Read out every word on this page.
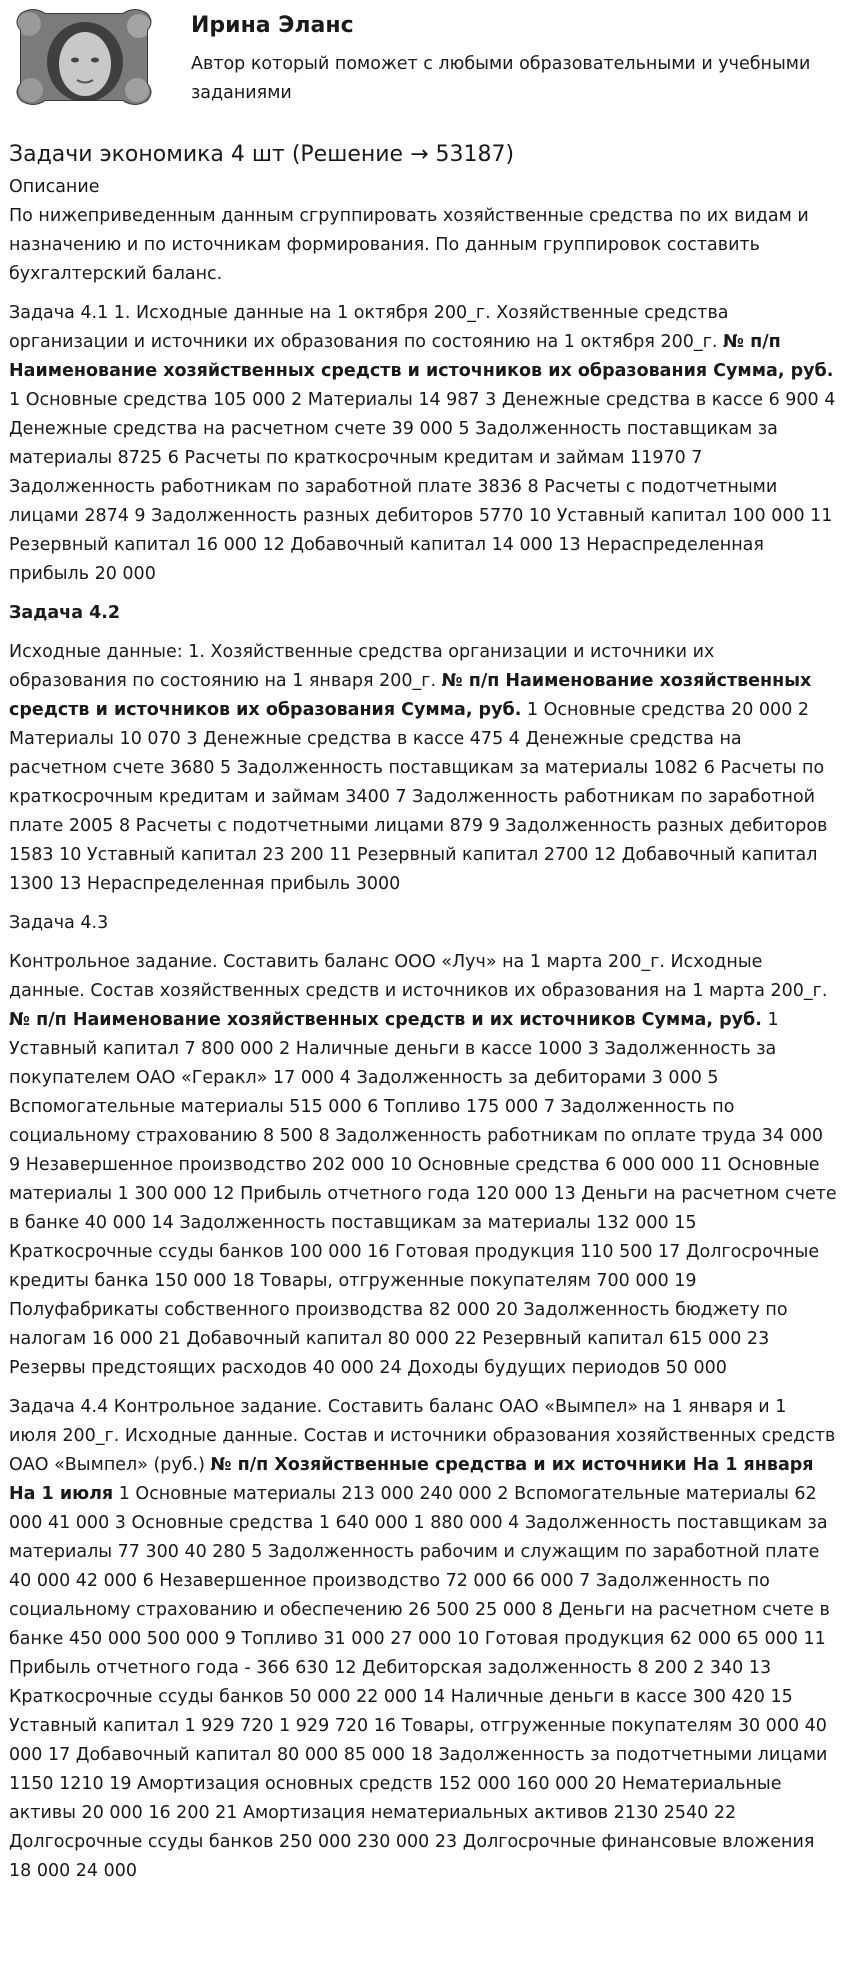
Ирина Эланс
Автор который поможет с любыми образовательными и учебными заданиями
Задачи экономика 4 шт (Решение → 53187)
Описание

По нижеприведенным данным сгруппировать хозяйственные средства по их видам и назначению и по источникам формирования. По данным группировок составить бухгалтерский баланс.

Задача 4.1 1. Исходные данные на 1 октября 200_г. Хозяйственные средства организации и источники их образования по состоянию на 1 октября 200_г. № п/п Наименование хозяйственных средств и источников их образования Сумма, руб. 1 Основные средства 105 000 2 Материалы 14 987 3 Денежные средства в кассе 6 900 4 Денежные средства на расчетном счете 39 000 5 Задолженность поставщикам за материалы 8725 6 Расчеты по краткосрочным кредитам и займам 11970 7 Задолженность работникам по заработной плате 3836 8 Расчеты с подотчетными лицами 2874 9 Задолженность разных дебиторов 5770 10 Уставный капитал 100 000 11 Резервный капитал 16 000 12 Добавочный капитал 14 000 13 Нераспределенная прибыль 20 000

Задача 4.2

Исходные данные: 1. Хозяйственные средства организации и источники их образования по состоянию на 1 января 200_г. № п/п Наименование хозяйственных средств и источников их образования Сумма, руб. 1 Основные средства 20 000 2 Материалы 10 070 3 Денежные средства в кассе 475 4 Денежные средства на расчетном счете 3680 5 Задолженность поставщикам за материалы 1082 6 Расчеты по краткосрочным кредитам и займам 3400 7 Задолженность работникам по заработной плате 2005 8 Расчеты с подотчетными лицами 879 9 Задолженность разных дебиторов 1583 10 Уставный капитал 23 200 11 Резервный капитал 2700 12 Добавочный капитал 1300 13 Нераспределенная прибыль 3000

Задача 4.3

Контрольное задание. Составить баланс ООО «Луч» на 1 марта 200_г. Исходные данные. Состав хозяйственных средств и источников их образования на 1 марта 200_г. № п/п Наименование хозяйственных средств и их источников Сумма, руб. 1 Уставный капитал 7 800 000 2 Наличные деньги в кассе 1000 3 Задолженность за покупателем ОАО «Геракл» 17 000 4 Задолженность за дебиторами 3 000 5 Вспомогательные материалы 515 000 6 Топливо 175 000 7 Задолженность по социальному страхованию 8 500 8 Задолженность работникам по оплате труда 34 000 9 Незавершенное производство 202 000 10 Основные средства 6 000 000 11 Основные материалы 1 300 000 12 Прибыль отчетного года 120 000 13 Деньги на расчетном счете в банке 40 000 14 Задолженность поставщикам за материалы 132 000 15 Краткосрочные ссуды банков 100 000 16 Готовая продукция 110 500 17 Долгосрочные кредиты банка 150 000 18 Товары, отгруженные покупателям 700 000 19 Полуфабрикаты собственного производства 82 000 20 Задолженность бюджету по налогам 16 000 21 Добавочный капитал 80 000 22 Резервный капитал 615 000 23 Резервы предстоящих расходов 40 000 24 Доходы будущих периодов 50 000

Задача 4.4 Контрольное задание. Составить баланс ОАО «Вымпел» на 1 января и 1 июля 200_г. Исходные данные. Состав и источники образования хозяйственных средств ОАО «Вымпел» (руб.) № п/п Хозяйственные средства и их источники На 1 января На 1 июля 1 Основные материалы 213 000 240 000 2 Вспомогательные материалы 62 000 41 000 3 Основные средства 1 640 000 1 880 000 4 Задолженность поставщикам за материалы 77 300 40 280 5 Задолженность рабочим и служащим по заработной плате 40 000 42 000 6 Незавершенное производство 72 000 66 000 7 Задолженность по социальному страхованию и обеспечению 26 500 25 000 8 Деньги на расчетном счете в банке 450 000 500 000 9 Топливо 31 000 27 000 10 Готовая продукция 62 000 65 000 11 Прибыль отчетного года - 366 630 12 Дебиторская задолженность 8 200 2 340 13 Краткосрочные ссуды банков 50 000 22 000 14 Наличные деньги в кассе 300 420 15 Уставный капитал 1 929 720 1 929 720 16 Товары, отгруженные покупателям 30 000 40 000 17 Добавочный капитал 80 000 85 000 18 Задолженность за подотчетными лицами 1150 1210 19 Амортизация основных средств 152 000 160 000 20 Нематериальные активы 20 000 16 200 21 Амортизация нематериальных активов 2130 2540 22 Долгосрочные ссуды банков 250 000 230 000 23 Долгосрочные финансовые вложения 18 000 24 000
